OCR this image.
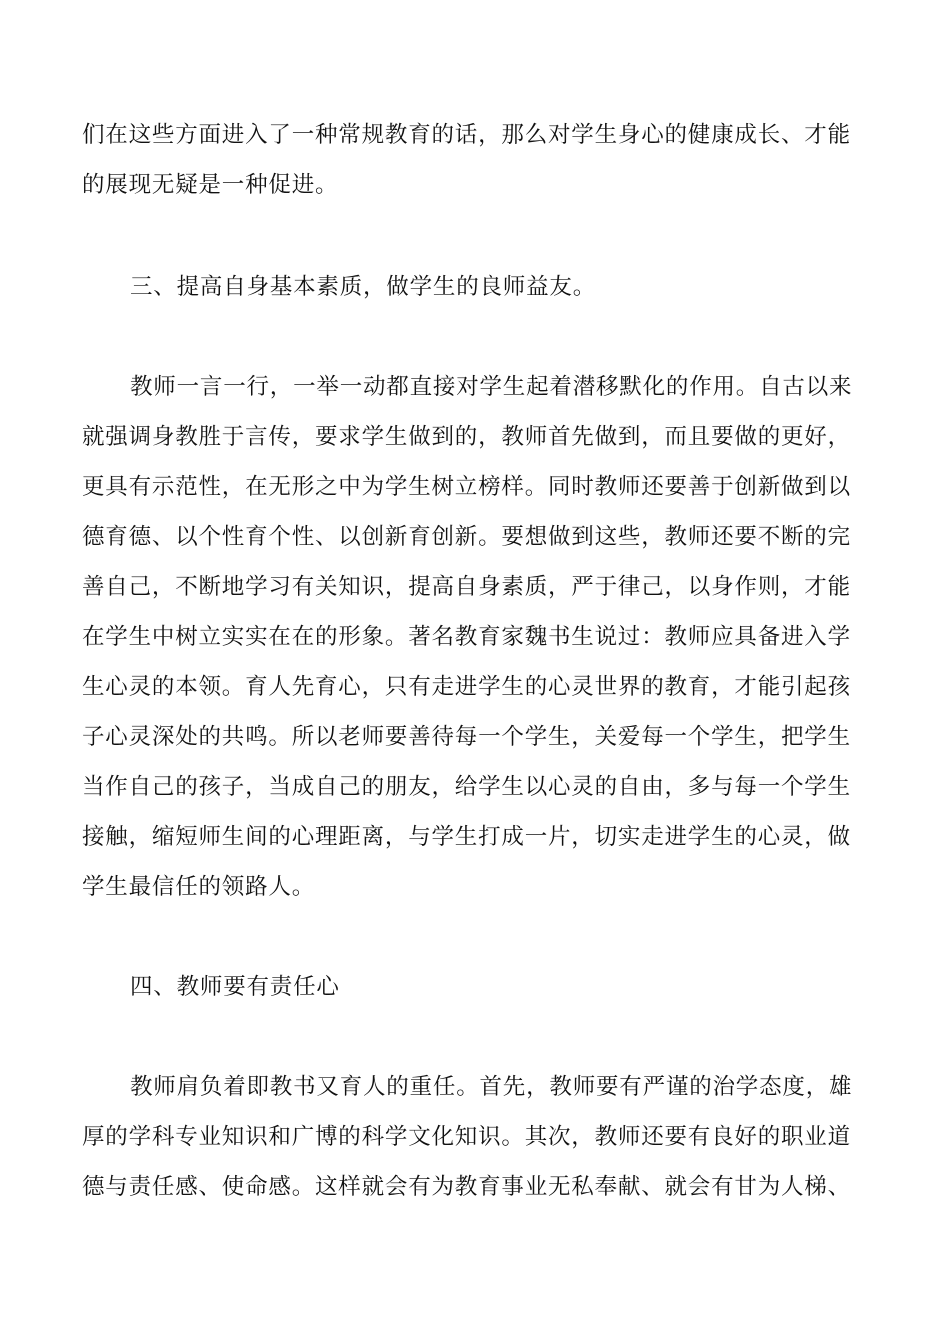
们在这些方面进入了一种常规教育的话，那么对学生身心的健康成长、才能
的展现无疑是一种促进。
三、提高自身基本素质，做学生的良师益友。
教师一言一行，一举一动都直接对学生起着潜移默化的作用。自古以来
就强调身教胜于言传，要求学生做到的，教师首先做到，而且要做的更好，
更具有示范性，在无形之中为学生树立榜样。同时教师还要善于创新做到以
德育德、以个性育个性、以创新育创新。要想做到这些，教师还要不断的完
善自己，不断地学习有关知识，提高自身素质，严于律己，以身作则，才能
在学生中树立实实在在的形象。著名教育家魏书生说过：教师应具备进入学
生心灵的本领。育人先育心，只有走进学生的心灵世界的教育，才能引起孩
子心灵深处的共鸣。所以老师要善待每一个学生，关爱每一个学生，把学生
当作自己的孩子，当成自己的朋友，给学生以心灵的自由，多与每一个学生
接触，缩短师生间的心理距离，与学生打成一片，切实走进学生的心灵，做
学生最信任的领路人。
四、教师要有责任心
教师肩负着即教书又育人的重任。首先，教师要有严谨的治学态度，雄
厚的学科专业知识和广博的科学文化知识。其次，教师还要有良好的职业道
德与责任感、使命感。这样就会有为教育事业无私奉献、就会有甘为人梯、
